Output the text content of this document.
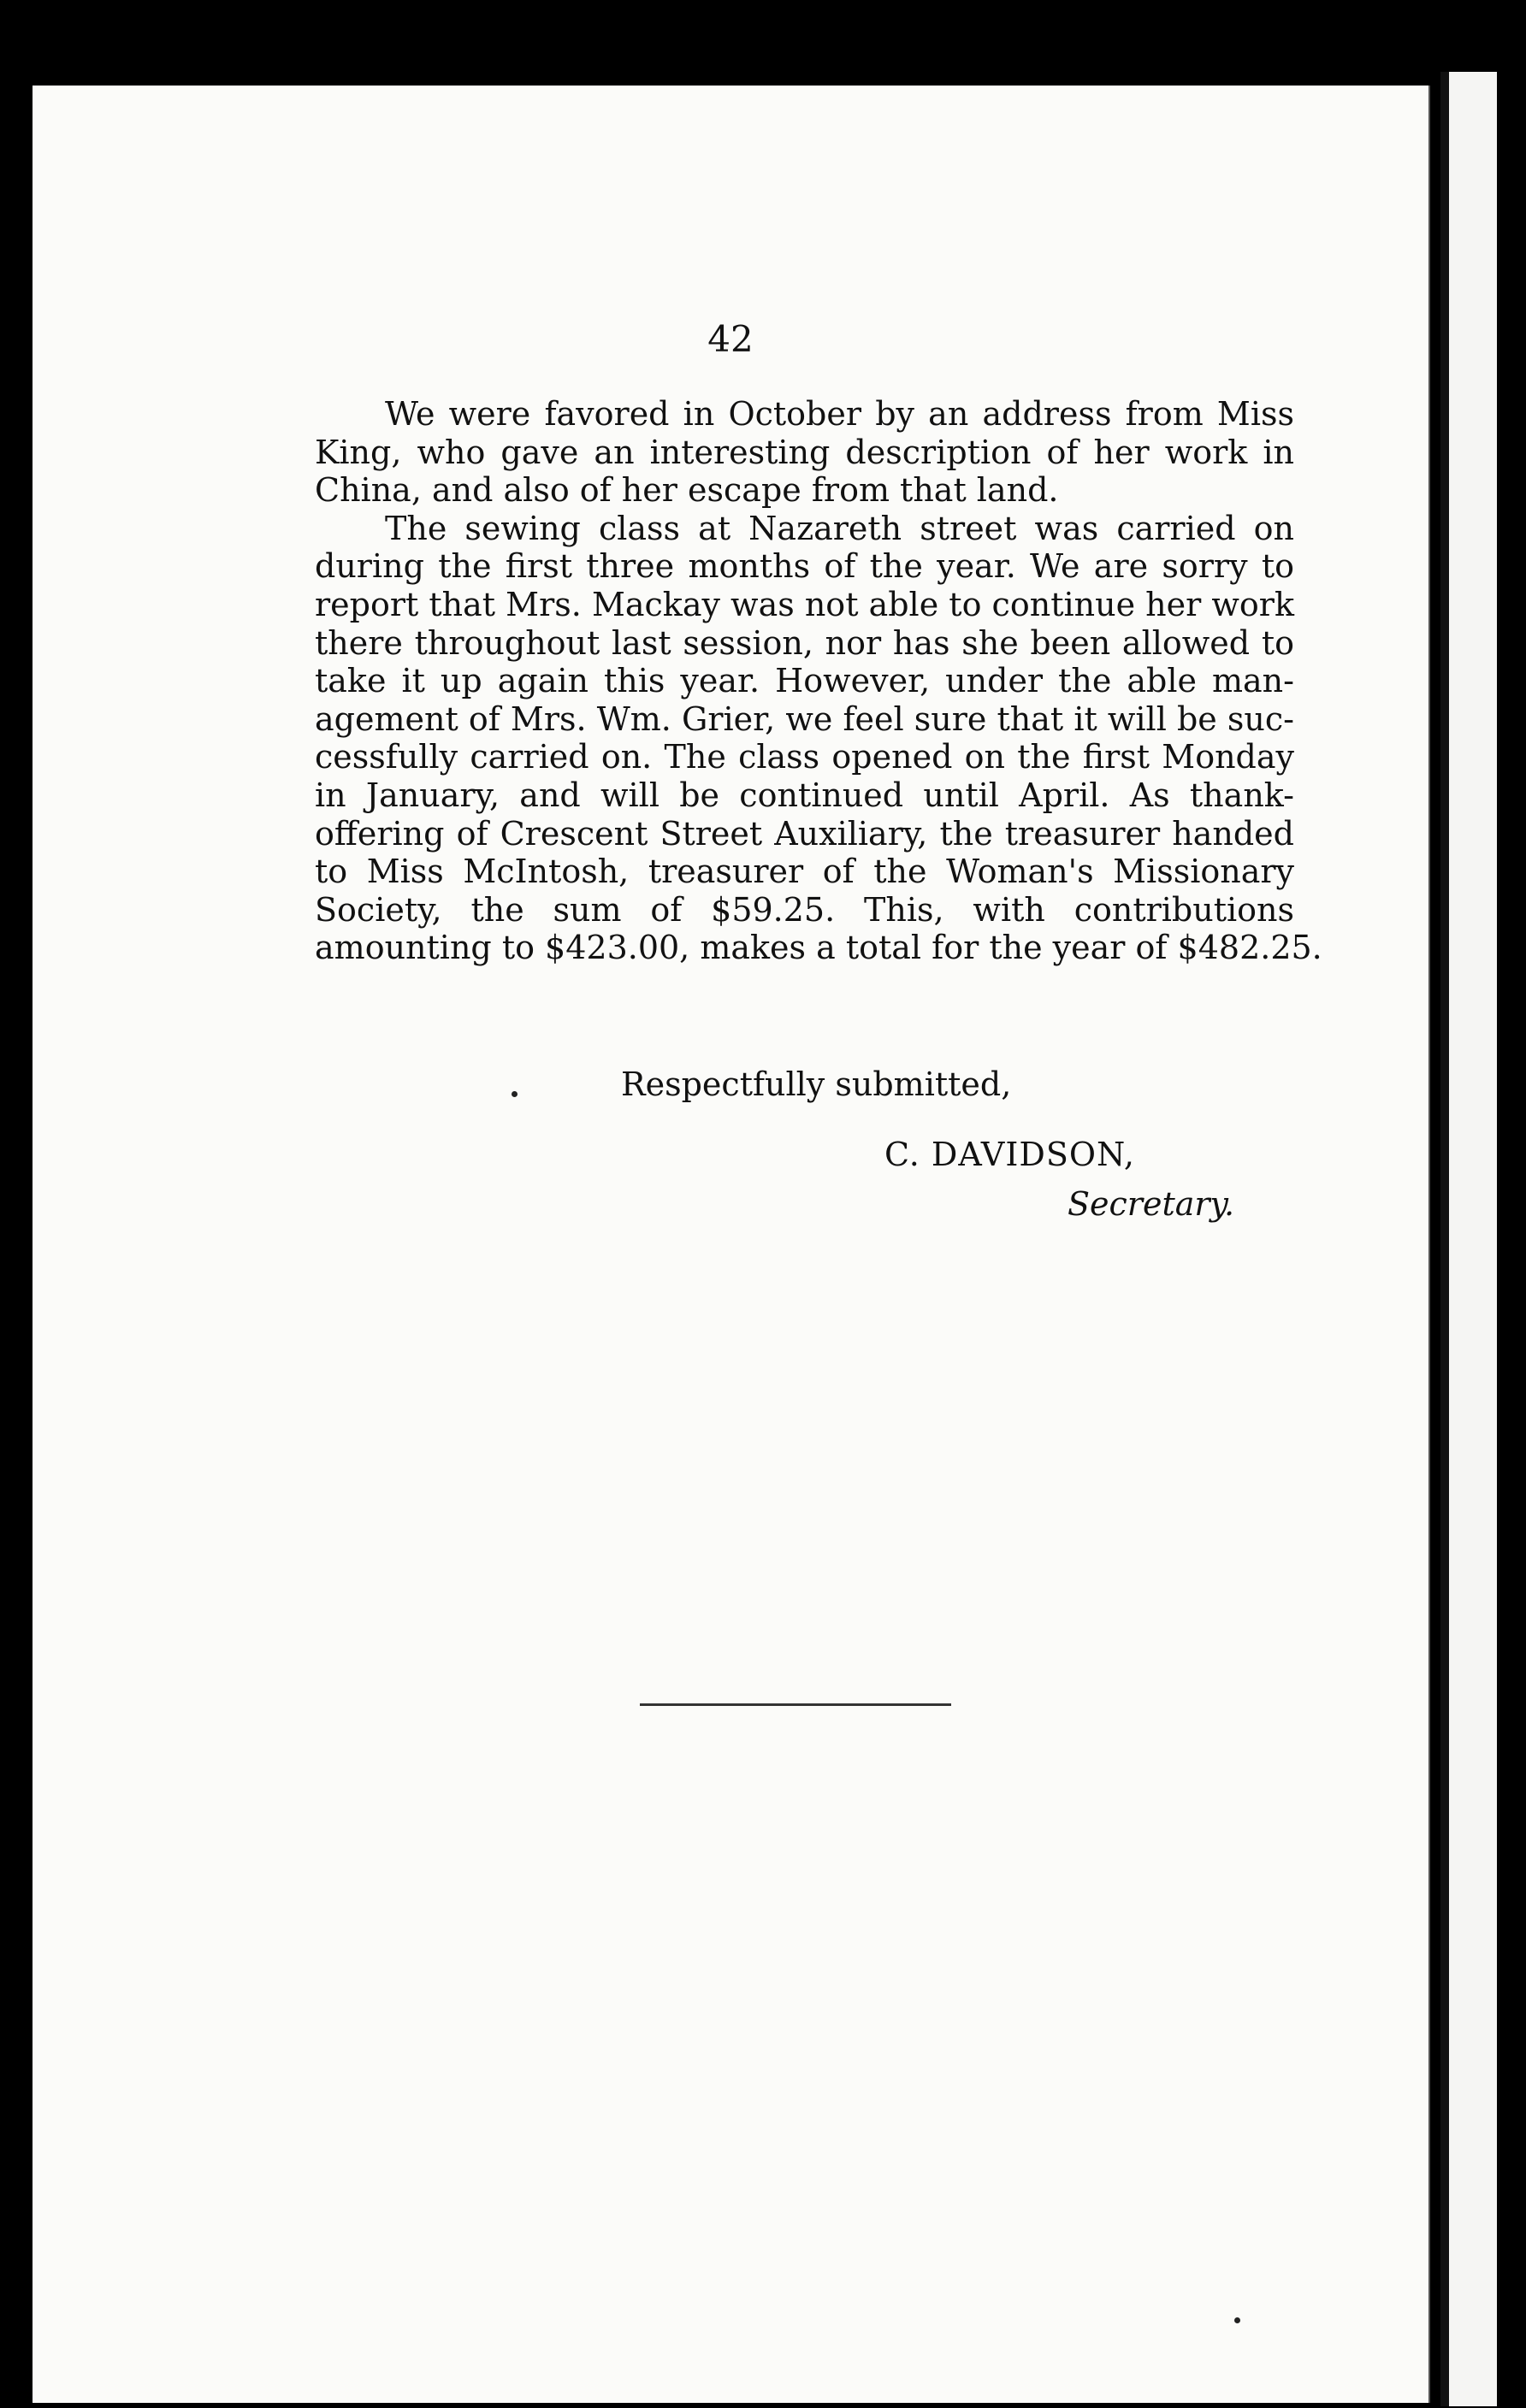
42
We were favored in October by an address from Miss
King, who gave an interesting description of her work in
China, and also of her escape from that land.
The sewing class at Nazareth street was carried on
during the first three months of the year. We are sorry to
report that Mrs. Mackay was not able to continue her work
there throughout last session, nor has she been allowed to
take it up again this year. However, under the able man-
agement of Mrs. Wm. Grier, we feel sure that it will be suc-
cessfully carried on. The class opened on the first Monday
in January, and will be continued until April. As thank-
offering of Crescent Street Auxiliary, the treasurer handed
to Miss McIntosh, treasurer of the Woman's Missionary
Society, the sum of $59.25. This, with contributions
amounting to $423.00, makes a total for the year of $482.25.
Respectfully submitted,
C. DAVIDSON,
Secretary.
